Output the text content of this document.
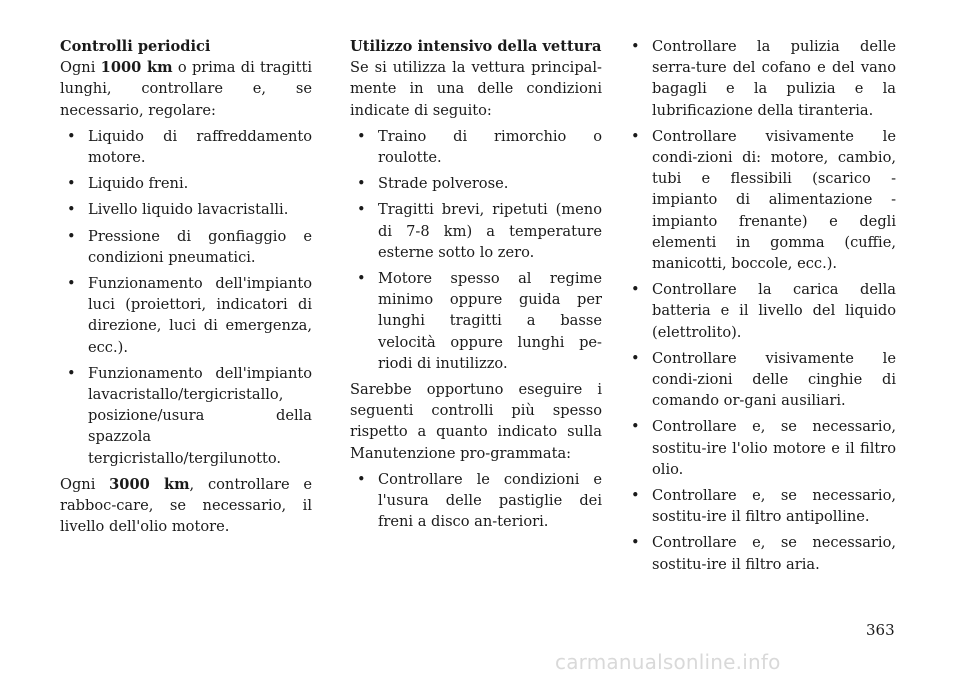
Controlli periodici

Ogni 1000 km o prima di tragitti lunghi, controllare e, se necessario, regolare:

• Liquido di raffreddamento motore.
• Liquido freni.
• Livello liquido lavacristalli.
• Pressione di gonfiaggio e condizioni pneumatici.
• Funzionamento dell'impianto luci (proiettori, indicatori di direzione, luci di emergenza, ecc.).
• Funzionamento dell'impianto lavacristallo/tergicristallo, posizione/usura della spazzola tergicristallo/tergilunotto.

Ogni 3000 km, controllare e rabboc-care, se necessario, il livello dell'olio motore.

Utilizzo intensivo della vettura

Se si utilizza la vettura principal-mente in una delle condizioni indicate di seguito:

• Traino di rimorchio o roulotte.
• Strade polverose.
• Tragitti brevi, ripetuti (meno di 7-8 km) a temperature esterne sotto lo zero.
• Motore spesso al regime minimo oppure guida per lunghi tragitti a basse velocità oppure lunghi pe-riodi di inutilizzo.

Sarebbe opportuno eseguire i seguenti controlli più spesso rispetto a quanto indicato sulla Manutenzione pro-grammata:

• Controllare le condizioni e l'usura delle pastiglie dei freni a disco an-teriori.
• Controllare la pulizia delle serra-ture del cofano e del vano bagagli e la pulizia e la lubrificazione della tiranteria.
• Controllare visivamente le condi-zioni di: motore, cambio, tubi e flessibili (scarico - impianto di alimentazione - impianto frenante) e degli elementi in gomma (cuffie, manicotti, boccole, ecc.).
• Controllare la carica della batteria e il livello del liquido (elettrolito).
• Controllare visivamente le condi-zioni delle cinghie di comando or-gani ausiliari.
• Controllare e, se necessario, sostitu-ire l'olio motore e il filtro olio.
• Controllare e, se necessario, sostitu-ire il filtro antipolline.
• Controllare e, se necessario, sostitu-ire il filtro aria.
363
carmanualsonline.info
